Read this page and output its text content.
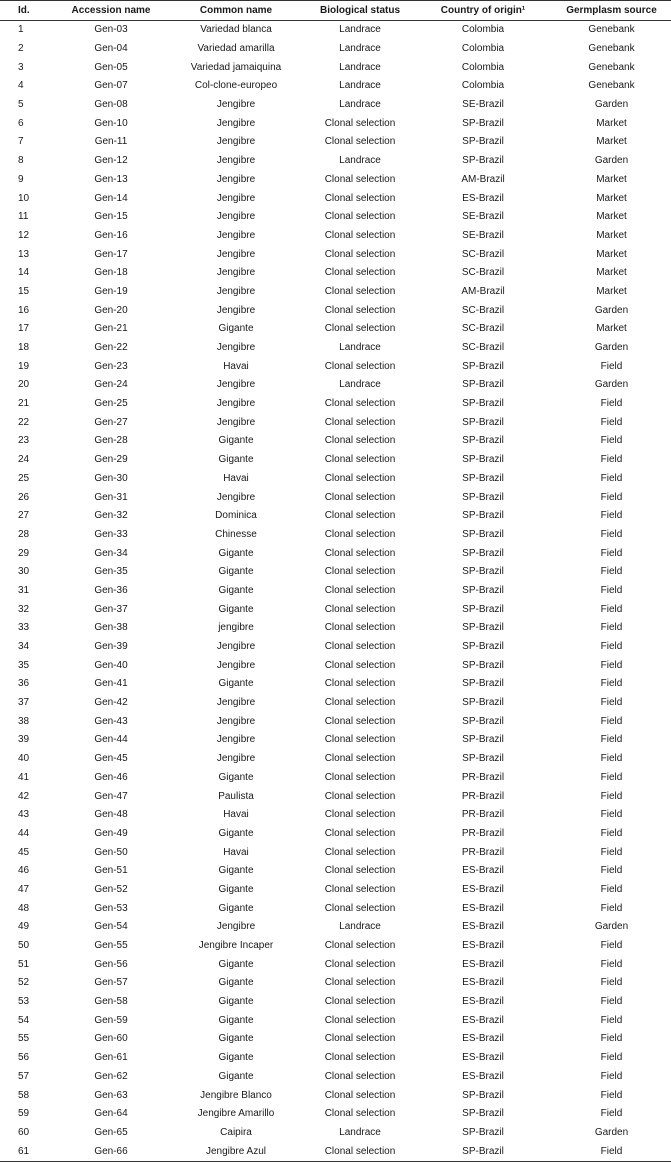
Id.	Accession name	Common name	Biological status	Country of origin¹	Germplasm source
1	Gen-03	Variedad blanca	Landrace	Colombia	Genebank
2	Gen-04	Variedad amarilla	Landrace	Colombia	Genebank
3	Gen-05	Variedad jamaiquina	Landrace	Colombia	Genebank
4	Gen-07	Col-clone-europeo	Landrace	Colombia	Genebank
5	Gen-08	Jengibre	Landrace	SE-Brazil	Garden
6	Gen-10	Jengibre	Clonal selection	SP-Brazil	Market
7	Gen-11	Jengibre	Clonal selection	SP-Brazil	Market
8	Gen-12	Jengibre	Landrace	SP-Brazil	Garden
9	Gen-13	Jengibre	Clonal selection	AM-Brazil	Market
10	Gen-14	Jengibre	Clonal selection	ES-Brazil	Market
11	Gen-15	Jengibre	Clonal selection	SE-Brazil	Market
12	Gen-16	Jengibre	Clonal selection	SE-Brazil	Market
13	Gen-17	Jengibre	Clonal selection	SC-Brazil	Market
14	Gen-18	Jengibre	Clonal selection	SC-Brazil	Market
15	Gen-19	Jengibre	Clonal selection	AM-Brazil	Market
16	Gen-20	Jengibre	Clonal selection	SC-Brazil	Garden
17	Gen-21	Gigante	Clonal selection	SC-Brazil	Market
18	Gen-22	Jengibre	Landrace	SC-Brazil	Garden
19	Gen-23	Havai	Clonal selection	SP-Brazil	Field
20	Gen-24	Jengibre	Landrace	SP-Brazil	Garden
21	Gen-25	Jengibre	Clonal selection	SP-Brazil	Field
22	Gen-27	Jengibre	Clonal selection	SP-Brazil	Field
23	Gen-28	Gigante	Clonal selection	SP-Brazil	Field
24	Gen-29	Gigante	Clonal selection	SP-Brazil	Field
25	Gen-30	Havai	Clonal selection	SP-Brazil	Field
26	Gen-31	Jengibre	Clonal selection	SP-Brazil	Field
27	Gen-32	Dominica	Clonal selection	SP-Brazil	Field
28	Gen-33	Chinesse	Clonal selection	SP-Brazil	Field
29	Gen-34	Gigante	Clonal selection	SP-Brazil	Field
30	Gen-35	Gigante	Clonal selection	SP-Brazil	Field
31	Gen-36	Gigante	Clonal selection	SP-Brazil	Field
32	Gen-37	Gigante	Clonal selection	SP-Brazil	Field
33	Gen-38	jengibre	Clonal selection	SP-Brazil	Field
34	Gen-39	Jengibre	Clonal selection	SP-Brazil	Field
35	Gen-40	Jengibre	Clonal selection	SP-Brazil	Field
36	Gen-41	Gigante	Clonal selection	SP-Brazil	Field
37	Gen-42	Jengibre	Clonal selection	SP-Brazil	Field
38	Gen-43	Jengibre	Clonal selection	SP-Brazil	Field
39	Gen-44	Jengibre	Clonal selection	SP-Brazil	Field
40	Gen-45	Jengibre	Clonal selection	SP-Brazil	Field
41	Gen-46	Gigante	Clonal selection	PR-Brazil	Field
42	Gen-47	Paulista	Clonal selection	PR-Brazil	Field
43	Gen-48	Havai	Clonal selection	PR-Brazil	Field
44	Gen-49	Gigante	Clonal selection	PR-Brazil	Field
45	Gen-50	Havai	Clonal selection	PR-Brazil	Field
46	Gen-51	Gigante	Clonal selection	ES-Brazil	Field
47	Gen-52	Gigante	Clonal selection	ES-Brazil	Field
48	Gen-53	Gigante	Clonal selection	ES-Brazil	Field
49	Gen-54	Jengibre	Landrace	ES-Brazil	Garden
50	Gen-55	Jengibre Incaper	Clonal selection	ES-Brazil	Field
51	Gen-56	Gigante	Clonal selection	ES-Brazil	Field
52	Gen-57	Gigante	Clonal selection	ES-Brazil	Field
53	Gen-58	Gigante	Clonal selection	ES-Brazil	Field
54	Gen-59	Gigante	Clonal selection	ES-Brazil	Field
55	Gen-60	Gigante	Clonal selection	ES-Brazil	Field
56	Gen-61	Gigante	Clonal selection	ES-Brazil	Field
57	Gen-62	Gigante	Clonal selection	ES-Brazil	Field
58	Gen-63	Jengibre Blanco	Clonal selection	SP-Brazil	Field
59	Gen-64	Jengibre Amarillo	Clonal selection	SP-Brazil	Field
60	Gen-65	Caipira	Landrace	SP-Brazil	Garden
61	Gen-66	Jengibre Azul	Clonal selection	SP-Brazil	Field
